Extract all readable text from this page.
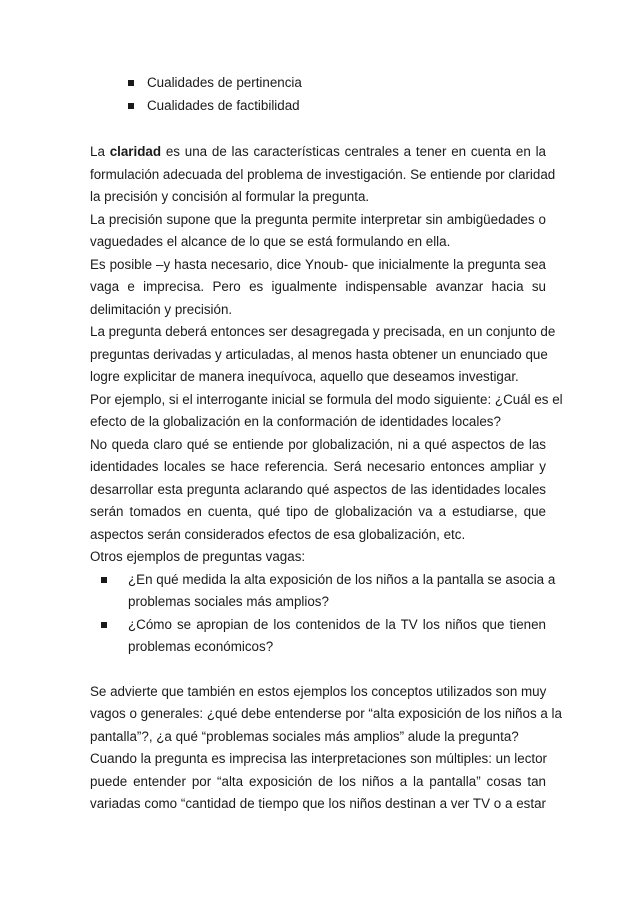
Cualidades de pertinencia
Cualidades de factibilidad

La claridad es una de las características centrales a tener en cuenta en la
formulación adecuada del problema de investigación. Se entiende por claridad
la precisión y concisión al formular la pregunta.

La precisión supone que la pregunta permite interpretar sin ambigüedades o
vaguedades el alcance de lo que se está formulando en ella.

Es posible –y hasta necesario, dice Ynoub- que inicialmente la pregunta sea
vaga e imprecisa. Pero es igualmente indispensable avanzar hacia su
delimitación y precisión.

La pregunta deberá entonces ser desagregada y precisada, en un conjunto de
preguntas derivadas y articuladas, al menos hasta obtener un enunciado que
logre explicitar de manera inequívoca, aquello que deseamos investigar.

Por ejemplo, si el interrogante inicial se formula del modo siguiente: ¿Cuál es el
efecto de la globalización en la conformación de identidades locales?

No queda claro qué se entiende por globalización, ni a qué aspectos de las
identidades locales se hace referencia. Será necesario entonces ampliar y
desarrollar esta pregunta aclarando qué aspectos de las identidades locales
serán tomados en cuenta, qué tipo de globalización va a estudiarse, que
aspectos serán considerados efectos de esa globalización, etc.

Otros ejemplos de preguntas vagas:

¿En qué medida la alta exposición de los niños a la pantalla se asocia a
problemas sociales más amplios?
¿Cómo se apropian de los contenidos de la TV los niños que tienen
problemas económicos?

Se advierte que también en estos ejemplos los conceptos utilizados son muy
vagos o generales: ¿qué debe entenderse por “alta exposición de los niños a la
pantalla”?, ¿a qué “problemas sociales más amplios” alude la pregunta?

Cuando la pregunta es imprecisa las interpretaciones son múltiples: un lector
puede entender por “alta exposición de los niños a la pantalla” cosas tan
variadas como “cantidad de tiempo que los niños destinan a ver TV o a estar
